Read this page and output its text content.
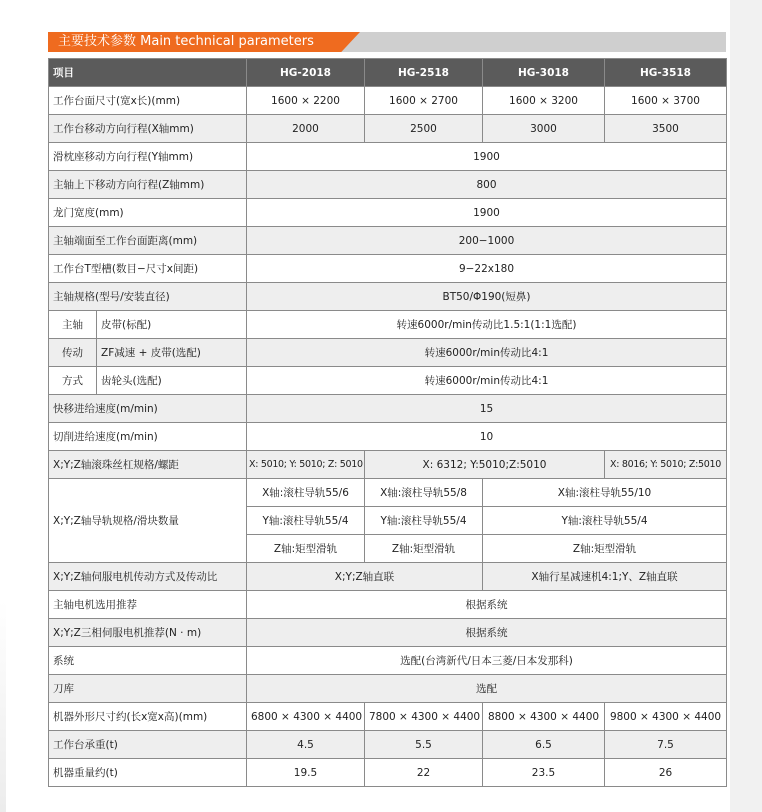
主要技术参数 Main technical parameters
项目		HG-2018	HG-2518	HG-3018	HG-3518
工作台面尺寸(宽x长)(mm)		1600 × 2200	1600 × 2700	1600 × 3200	1600 × 3700
工作台移动方向行程(X轴mm)		2000	2500	3000	3500
滑枕座移动方向行程(Y轴mm)		1900			
主轴上下移动方向行程(Z轴mm)		800			
龙门宽度(mm)		1900			
主轴端面至工作台面距离(mm)		200−1000			
工作台T型槽(数目−尺寸x间距)		9−22x180			
主轴规格(型号/安装直径)		BT50/Φ190(短鼻)			
主轴	皮带(标配)	转速6000r/min传动比1.5:1(1:1选配)			
传动	ZF减速 + 皮带(选配)	转速6000r/min传动比4:1			
方式	齿轮头(选配)	转速6000r/min传动比4:1			
快移进给速度(m/min)		15			
切削进给速度(m/min)		10			
X;Y;Z轴滚珠丝杠规格/螺距		X: 5010; Y: 5010; Z: 5010	X: 6312; Y:5010;Z:5010		X: 8016; Y: 5010; Z:5010
X;Y;Z轴导轨规格/滑块数量		X轴:滚柱导轨55/6	X轴:滚柱导轨55/8	X轴:滚柱导轨55/10	
		Y轴:滚柱导轨55/4	Y轴:滚柱导轨55/4	Y轴:滚柱导轨55/4	
		Z轴:矩型滑轨	Z轴:矩型滑轨	Z轴:矩型滑轨	
X;Y;Z轴伺服电机传动方式及传动比		X;Y;Z轴直联		X轴行星减速机4:1;Y、Z轴直联	
主轴电机选用推荐		根据系统			
X;Y;Z三相伺服电机推荐(N · m)		根据系统			
系统		选配(台湾新代/日本三菱/日本发那科)			
刀库		选配			
机器外形尺寸约(长x宽x高)(mm)		6800 × 4300 × 4400	7800 × 4300 × 4400	8800 × 4300 × 4400	9800 × 4300 × 4400
工作台承重(t)		4.5	5.5	6.5	7.5
机器重量约(t)		19.5	22	23.5	26
